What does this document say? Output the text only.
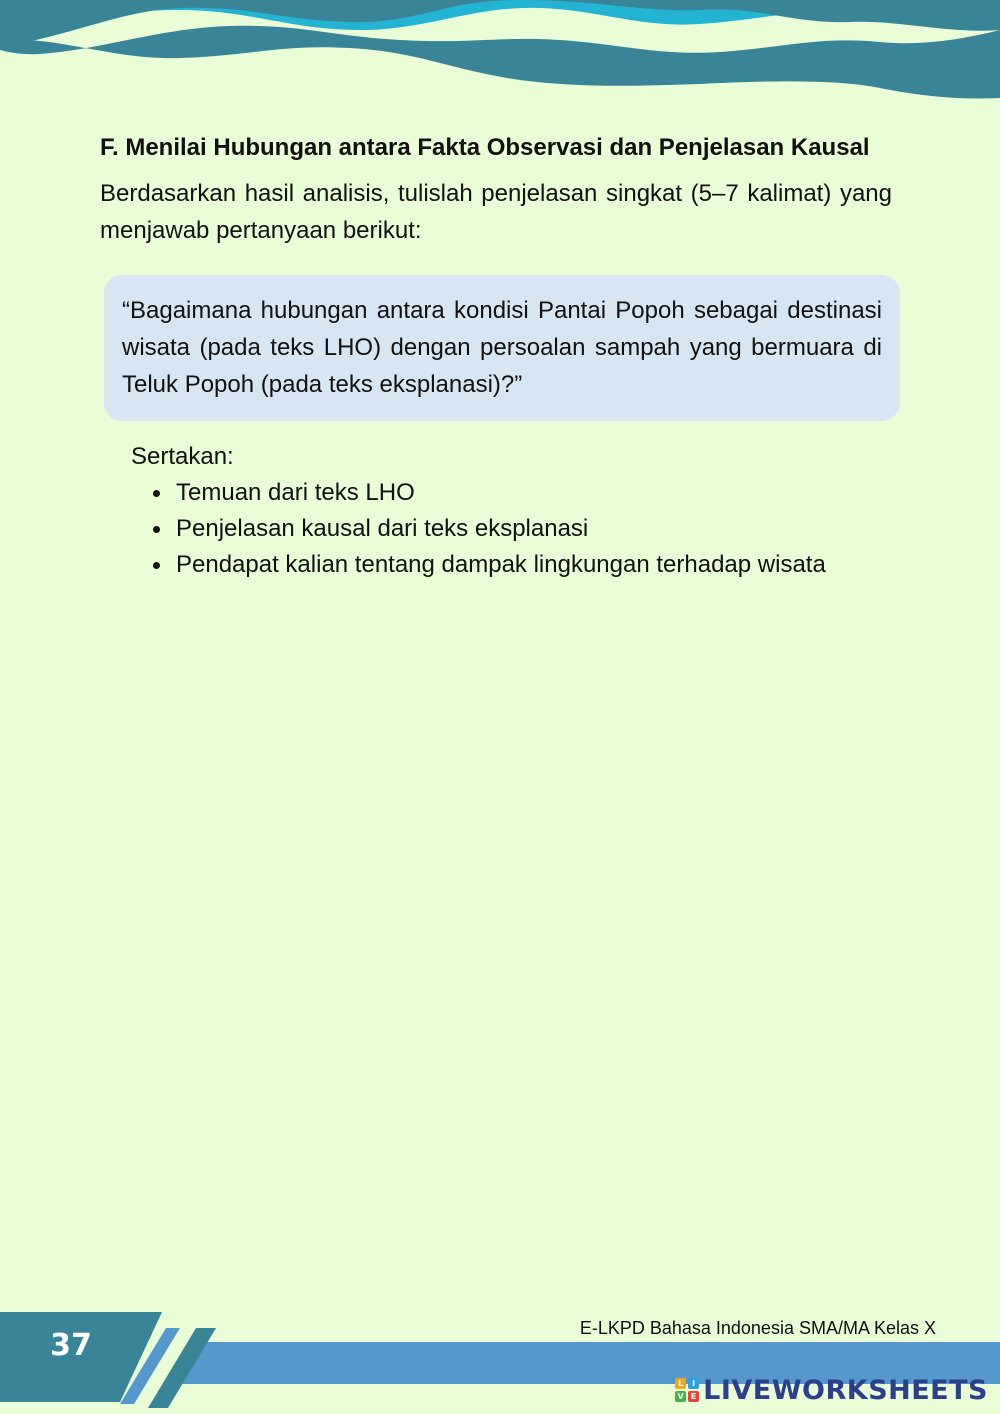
F. Menilai Hubungan antara Fakta Observasi dan Penjelasan Kausal

Berdasarkan hasil analisis, tulislah penjelasan singkat (5–7 kalimat) yang menjawab pertanyaan berikut:

“Bagaimana hubungan antara kondisi Pantai Popoh sebagai destinasi wisata (pada teks LHO) dengan persoalan sampah yang bermuara di Teluk Popoh (pada teks eksplanasi)?”
Sertakan:
Temuan dari teks LHO
Penjelasan kausal dari teks eksplanasi
Pendapat kalian tentang dampak lingkungan terhadap wisata
37	E-LKPD Bahasa Indonesia SMA/MA Kelas X
L	I
V E LIVEWORKSHEETS
